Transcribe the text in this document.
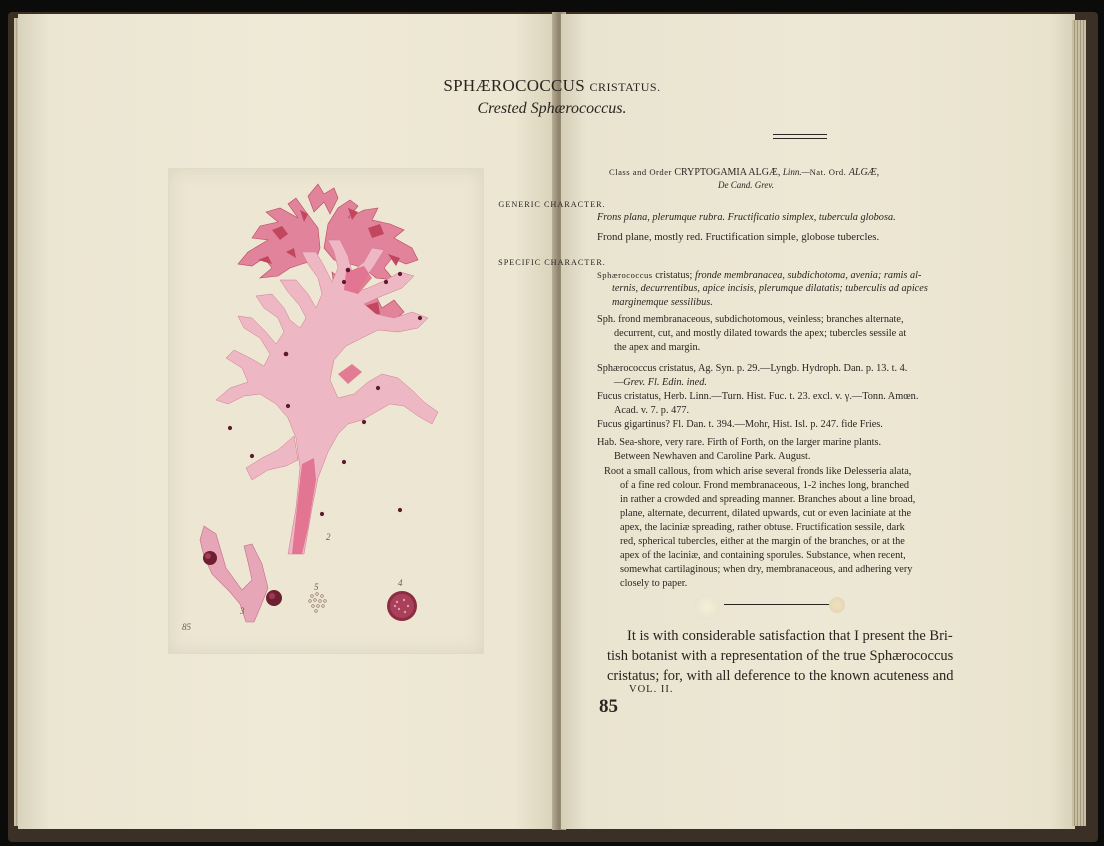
2
3
5	4
85
SPHÆROCOCCUS CRISTATUS.
Crested Sphærococcus.
Class and Order CRYPTOGAMIA ALGÆ, Linn.—Nat. Ord. ALGÆ,
De Cand. Grev.
GENERIC CHARACTER.
Frons plana, plerumque rubra. Fructificatio simplex, tubercula globosa.
Frond plane, mostly red. Fructification simple, globose tubercles.
SPECIFIC CHARACTER.
Sphærococcus cristatus; fronde membranacea, subdichotoma, avenia; ramis al-
ternis, decurrentibus, apice incisis, plerumque dilatatis; tuberculis ad apices
marginemque sessilibus.
Sph. frond membranaceous, subdichotomous, veinless; branches alternate,
decurrent, cut, and mostly dilated towards the apex; tubercles sessile at
the apex and margin.
Sphærococcus cristatus, Ag. Syn. p. 29.—Lyngb. Hydroph. Dan. p. 13. t. 4.
—Grev. Fl. Edin. ined.
Fucus cristatus, Herb. Linn.—Turn. Hist. Fuc. t. 23. excl. v. γ.—Tonn. Amœn.
Acad. v. 7. p. 477.
Fucus gigartinus? Fl. Dan. t. 394.—Mohr, Hist. Isl. p. 247. fide Fries.
Hab. Sea-shore, very rare. Firth of Forth, on the larger marine plants.
Between Newhaven and Caroline Park. August.
Root a small callous, from which arise several fronds like Delesseria alata,
of a fine red colour. Frond membranaceous, 1-2 inches long, branched
in rather a crowded and spreading manner. Branches about a line broad,
plane, alternate, decurrent, dilated upwards, cut or even laciniate at the
apex, the laciniæ spreading, rather obtuse. Fructification sessile, dark
red, spherical tubercles, either at the margin of the branches, or at the
apex of the laciniæ, and containing sporules. Substance, when recent,
somewhat cartilaginous; when dry, membranaceous, and adhering very
closely to paper.
It is with considerable satisfaction that I present the Bri-
tish botanist with a representation of the true Sphærococcus
cristatus; for, with all deference to the known acuteness and
VOL. II.
85
